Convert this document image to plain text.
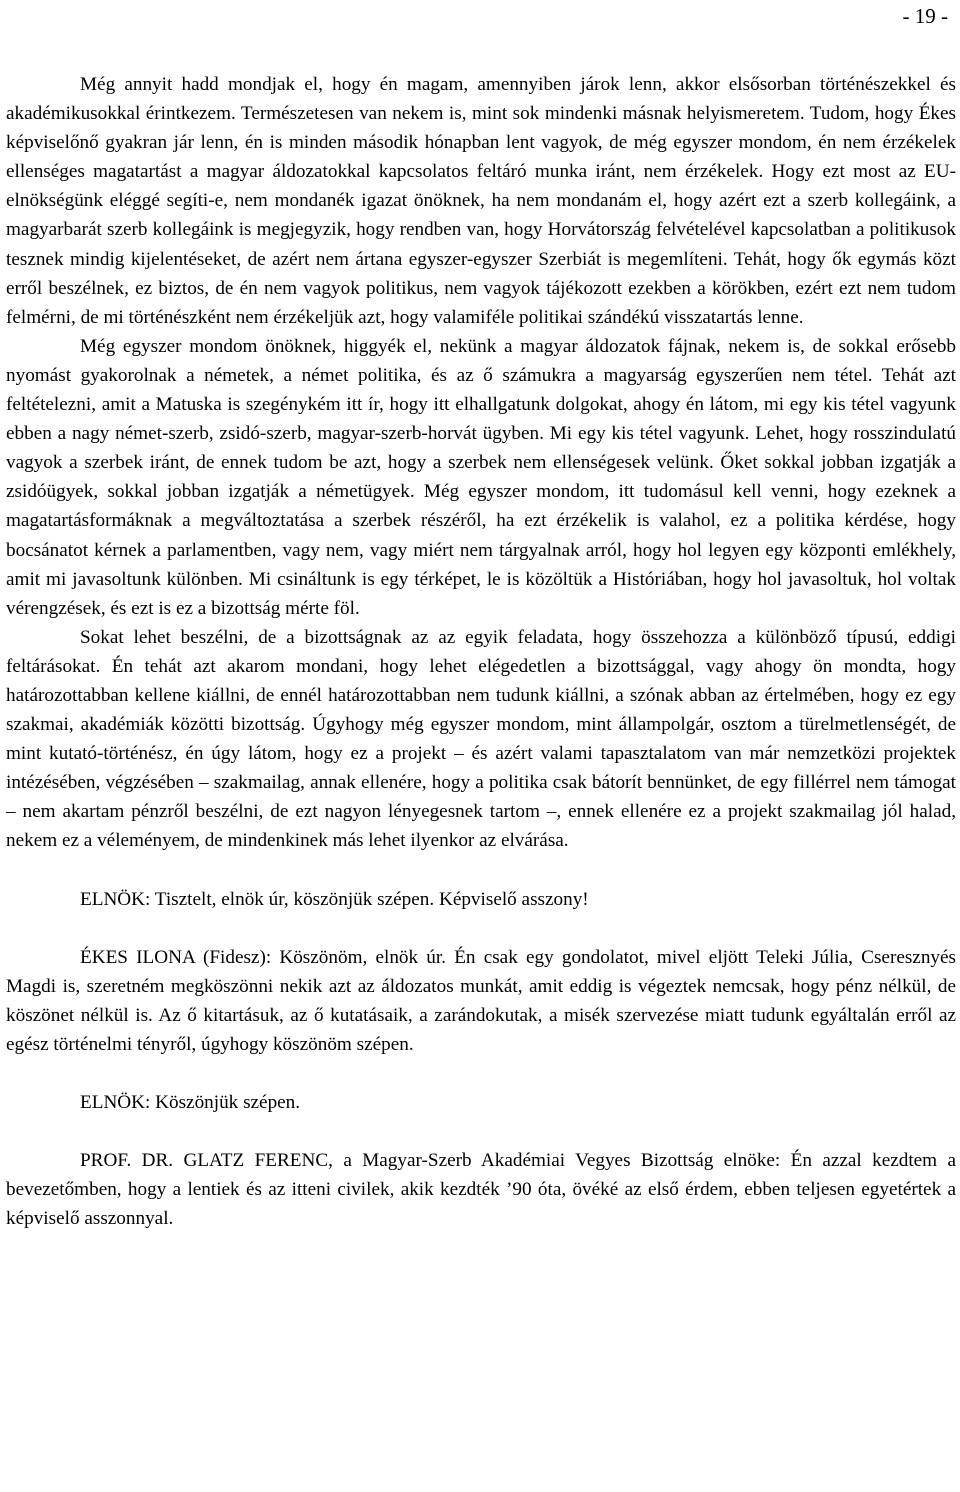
- 19 -

Még annyit hadd mondjak el, hogy én magam, amennyiben járok lenn, akkor elsősorban történészekkel és akadémikusokkal érintkezem. Természetesen van nekem is, mint sok mindenki másnak helyismeretem. Tudom, hogy Ékes képviselőnő gyakran jár lenn, én is minden második hónapban lent vagyok, de még egyszer mondom, én nem érzékelek ellenséges magatartást a magyar áldozatokkal kapcsolatos feltáró munka iránt, nem érzékelek. Hogy ezt most az EU-elnökségünk eléggé segíti-e, nem mondanék igazat önöknek, ha nem mondanám el, hogy azért ezt a szerb kollegáink, a magyarbarát szerb kollegáink is megjegyzik, hogy rendben van, hogy Horvátország felvételével kapcsolatban a politikusok tesznek mindig kijelentéseket, de azért nem ártana egyszer-egyszer Szerbiát is megemlíteni. Tehát, hogy ők egymás közt erről beszélnek, ez biztos, de én nem vagyok politikus, nem vagyok tájékozott ezekben a körökben, ezért ezt nem tudom felmérni, de mi történészként nem érzékeljük azt, hogy valamiféle politikai szándékú visszatartás lenne.

Még egyszer mondom önöknek, higgyék el, nekünk a magyar áldozatok fájnak, nekem is, de sokkal erősebb nyomást gyakorolnak a németek, a német politika, és az ő számukra a magyarság egyszerűen nem tétel. Tehát azt feltételezni, amit a Matuska is szegénykém itt ír, hogy itt elhallgatunk dolgokat, ahogy én látom, mi egy kis tétel vagyunk ebben a nagy német-szerb, zsidó-szerb, magyar-szerb-horvát ügyben. Mi egy kis tétel vagyunk. Lehet, hogy rosszindulatú vagyok a szerbek iránt, de ennek tudom be azt, hogy a szerbek nem ellenségesek velünk. Őket sokkal jobban izgatják a zsidóügyek, sokkal jobban izgatják a németügyek. Még egyszer mondom, itt tudomásul kell venni, hogy ezeknek a magatartásformáknak a megváltoztatása a szerbek részéről, ha ezt érzékelik is valahol, ez a politika kérdése, hogy bocsánatot kérnek a parlamentben, vagy nem, vagy miért nem tárgyalnak arról, hogy hol legyen egy központi emlékhely, amit mi javasoltunk különben. Mi csináltunk is egy térképet, le is közöltük a Históriában, hogy hol javasoltuk, hol voltak vérengzések, és ezt is ez a bizottság mérte föl.

Sokat lehet beszélni, de a bizottságnak az az egyik feladata, hogy összehozza a különböző típusú, eddigi feltárásokat. Én tehát azt akarom mondani, hogy lehet elégedetlen a bizottsággal, vagy ahogy ön mondta, hogy határozottabban kellene kiállni, de ennél határozottabban nem tudunk kiállni, a szónak abban az értelmében, hogy ez egy szakmai, akadémiák közötti bizottság. Úgyhogy még egyszer mondom, mint állampolgár, osztom a türelmetlenségét, de mint kutató-történész, én úgy látom, hogy ez a projekt – és azért valami tapasztalatom van már nemzetközi projektek intézésében, végzésében – szakmailag, annak ellenére, hogy a politika csak bátorít bennünket, de egy fillérrel nem támogat – nem akartam pénzről beszélni, de ezt nagyon lényegesnek tartom –, ennek ellenére ez a projekt szakmailag jól halad, nekem ez a véleményem, de mindenkinek más lehet ilyenkor az elvárása.

ELNÖK: Tisztelt, elnök úr, köszönjük szépen. Képviselő asszony!

ÉKES ILONA (Fidesz): Köszönöm, elnök úr. Én csak egy gondolatot, mivel eljött Teleki Júlia, Cseresznyés Magdi is, szeretném megköszönni nekik azt az áldozatos munkát, amit eddig is végeztek nemcsak, hogy pénz nélkül, de köszönet nélkül is. Az ő kitartásuk, az ő kutatásaik, a zarándokutak, a misék szervezése miatt tudunk egyáltalán erről az egész történelmi tényről, úgyhogy köszönöm szépen.

ELNÖK: Köszönjük szépen.

PROF. DR. GLATZ FERENC, a Magyar-Szerb Akadémiai Vegyes Bizottság elnöke: Én azzal kezdtem a bevezetőmben, hogy a lentiek és az itteni civilek, akik kezdték ’90 óta, övéké az első érdem, ebben teljesen egyetértek a képviselő asszonnyal.
